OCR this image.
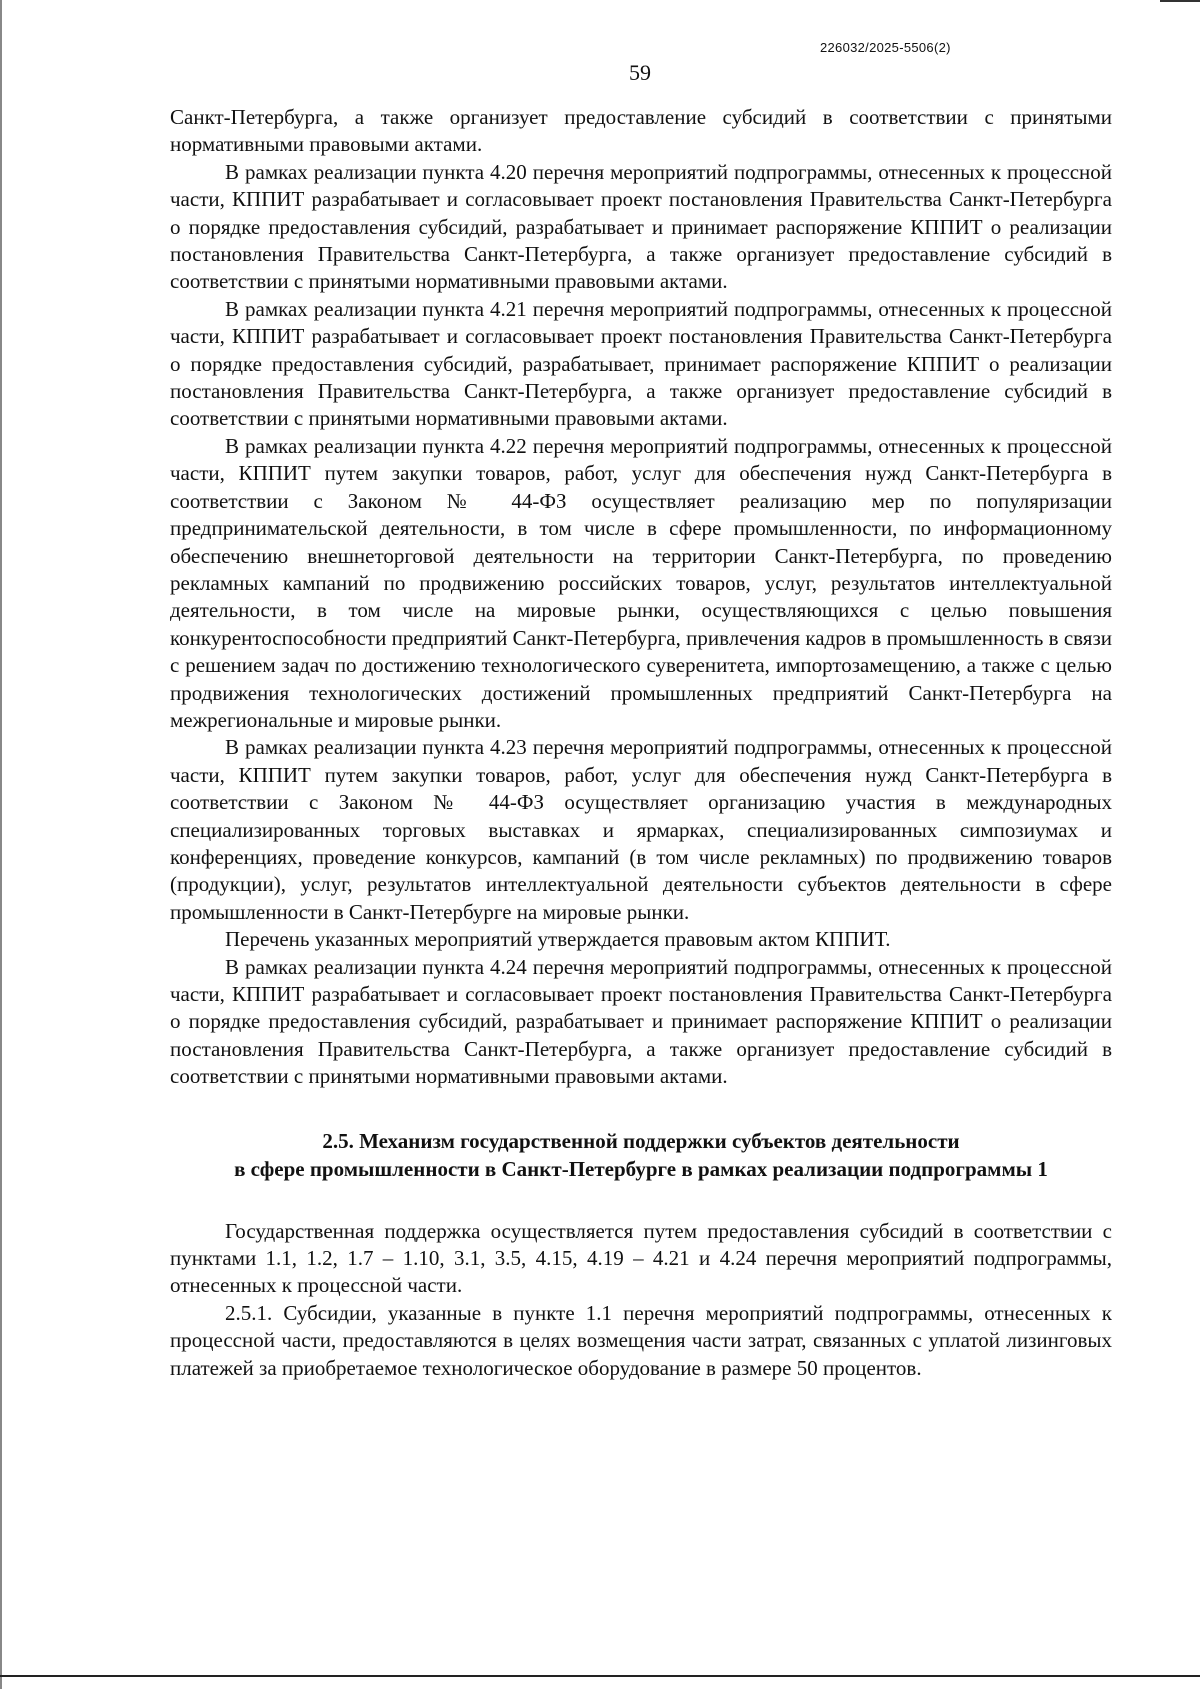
226032/2025-5506(2)
59

Санкт-Петербурга, а также организует предоставление субсидий в соответствии с принятыми нормативными правовыми актами.

В рамках реализации пункта 4.20 перечня мероприятий подпрограммы, отнесенных к процессной части, КППИТ разрабатывает и согласовывает проект постановления Правительства Санкт-Петербурга о порядке предоставления субсидий, разрабатывает и принимает распоряжение КППИТ о реализации постановления Правительства Санкт-Петербурга, а также организует предоставление субсидий в соответствии с принятыми нормативными правовыми актами.

В рамках реализации пункта 4.21 перечня мероприятий подпрограммы, отнесенных к процессной части, КППИТ разрабатывает и согласовывает проект постановления Правительства Санкт-Петербурга о порядке предоставления субсидий, разрабатывает, принимает распоряжение КППИТ о реализации постановления Правительства Санкт-Петербурга, а также организует предоставление субсидий в соответствии с принятыми нормативными правовыми актами.

В рамках реализации пункта 4.22 перечня мероприятий подпрограммы, отнесенных к процессной части, КППИТ путем закупки товаров, работ, услуг для обеспечения нужд Санкт-Петербурга в соответствии с Законом № 44-ФЗ осуществляет реализацию мер по популяризации предпринимательской деятельности, в том числе в сфере промышленности, по информационному обеспечению внешнеторговой деятельности на территории Санкт-Петербурга, по проведению рекламных кампаний по продвижению российских товаров, услуг, результатов интеллектуальной деятельности, в том числе на мировые рынки, осуществляющихся с целью повышения конкурентоспособности предприятий Санкт-Петербурга, привлечения кадров в промышленность в связи с решением задач по достижению технологического суверенитета, импортозамещению, а также с целью продвижения технологических достижений промышленных предприятий Санкт-Петербурга на межрегиональные и мировые рынки.

В рамках реализации пункта 4.23 перечня мероприятий подпрограммы, отнесенных к процессной части, КППИТ путем закупки товаров, работ, услуг для обеспечения нужд Санкт-Петербурга в соответствии с Законом № 44-ФЗ осуществляет организацию участия в международных специализированных торговых выставках и ярмарках, специализированных симпозиумах и конференциях, проведение конкурсов, кампаний (в том числе рекламных) по продвижению товаров (продукции), услуг, результатов интеллектуальной деятельности субъектов деятельности в сфере промышленности в Санкт-Петербурге на мировые рынки.

Перечень указанных мероприятий утверждается правовым актом КППИТ.

В рамках реализации пункта 4.24 перечня мероприятий подпрограммы, отнесенных к процессной части, КППИТ разрабатывает и согласовывает проект постановления Правительства Санкт-Петербурга о порядке предоставления субсидий, разрабатывает и принимает распоряжение КППИТ о реализации постановления Правительства Санкт-Петербурга, а также организует предоставление субсидий в соответствии с принятыми нормативными правовыми актами.

2.5. Механизм государственной поддержки субъектов деятельности
в сфере промышленности в Санкт-Петербурге в рамках реализации подпрограммы 1

Государственная поддержка осуществляется путем предоставления субсидий в соответствии с пунктами 1.1, 1.2, 1.7 – 1.10, 3.1, 3.5, 4.15, 4.19 – 4.21 и 4.24 перечня мероприятий подпрограммы, отнесенных к процессной части.

2.5.1. Субсидии, указанные в пункте 1.1 перечня мероприятий подпрограммы, отнесенных к процессной части, предоставляются в целях возмещения части затрат, связанных с уплатой лизинговых платежей за приобретаемое технологическое оборудование в размере 50 процентов.
